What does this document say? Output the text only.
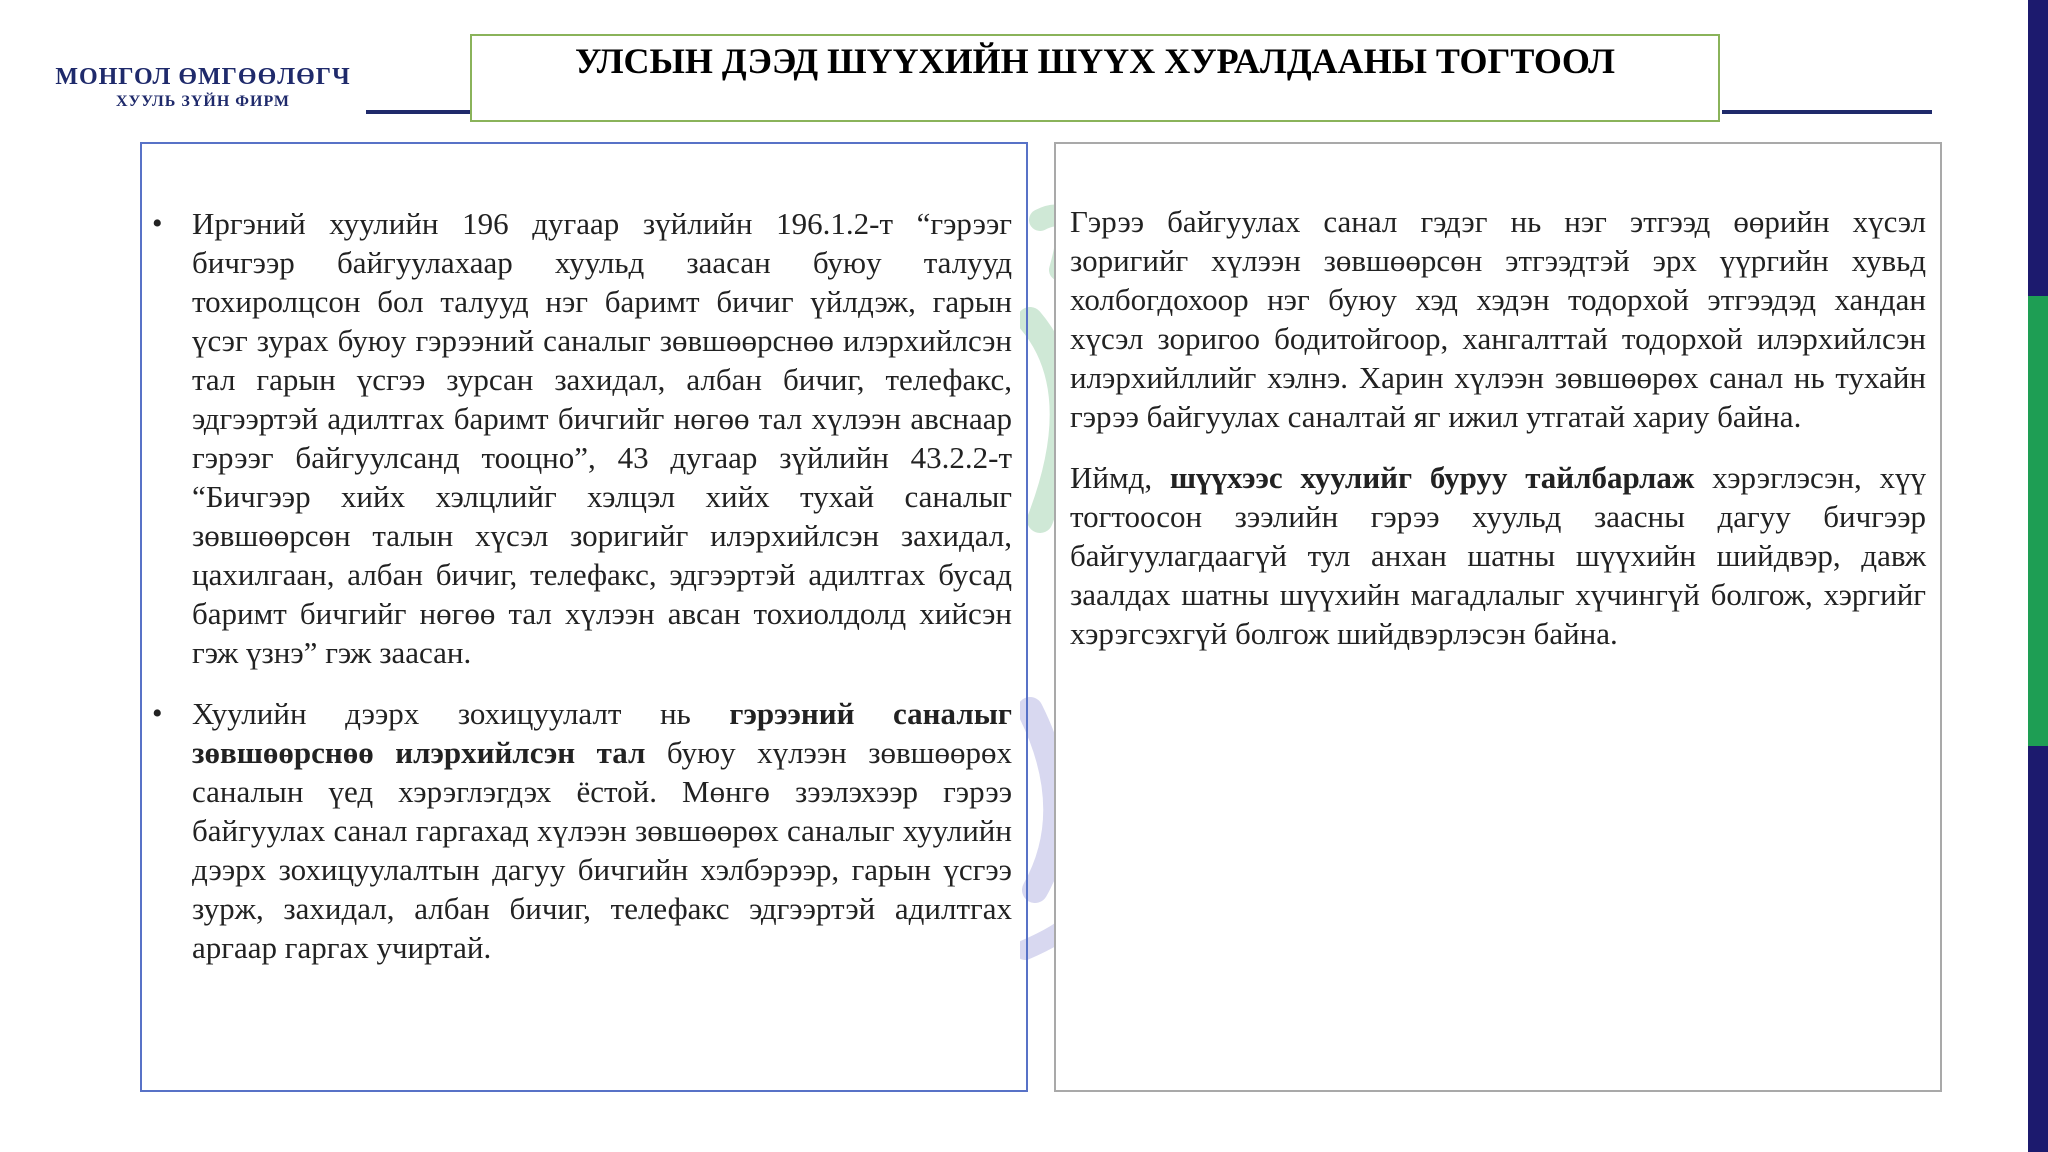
МОНГОЛ ӨМГӨӨЛӨГЧ
ХУУЛЬ ЗҮЙН ФИРМ
УЛСЫН ДЭЭД ШҮҮХИЙН ШҮҮХ ХУРАЛДААНЫ ТОГТООЛ
• Иргэний хуулийн 196 дугаар зүйлийн 196.1.2-т “гэрээг бичгээр байгуулахаар хуульд заасан буюу талууд тохиролцсон бол талууд нэг баримт бичиг үйлдэж, гарын үсэг зурах буюу гэрээний саналыг зөвшөөрснөө илэрхийлсэн тал гарын үсгээ зурсан захидал, албан бичиг, телефакс, эдгээртэй адилтгах баримт бичгийг нөгөө тал хүлээн авснаар гэрээг байгуулсанд тооцно”, 43 дугаар зүйлийн 43.2.2-т “Бичгээр хийх хэлцлийг хэлцэл хийх тухай саналыг зөвшөөрсөн талын хүсэл зоригийг илэрхийлсэн захидал, цахилгаан, албан бичиг, телефакс, эдгээртэй адилтгах бусад баримт бичгийг нөгөө тал хүлээн авсан тохиолдолд хийсэн гэж үзнэ” гэж заасан.

• Хуулийн дээрх зохицуулалт нь гэрээний саналыг зөвшөөрснөө илэрхийлсэн тал буюу хүлээн зөвшөөрөх саналын үед хэрэглэгдэх ёстой. Мөнгө зээлэхээр гэрээ байгуулах санал гаргахад хүлээн зөвшөөрөх саналыг хуулийн дээрх зохицуулалтын дагуу бичгийн хэлбэрээр, гарын үсгээ зурж, захидал, албан бичиг, телефакс эдгээртэй адилтгах аргаар гаргах учиртай.

Гэрээ байгуулах санал гэдэг нь нэг этгээд өөрийн хүсэл зоригийг хүлээн зөвшөөрсөн этгээдтэй эрх үүргийн хувьд холбогдохоор нэг буюу хэд хэдэн тодорхой этгээдэд хандан хүсэл зоригоо бодитойгоор, хангалттай тодорхой илэрхийлсэн илэрхийллийг хэлнэ. Харин хүлээн зөвшөөрөх санал нь тухайн гэрээ байгуулах саналтай яг ижил утгатай хариу байна.

Иймд, шүүхээс хуулийг буруу тайлбарлаж хэрэглэсэн, хүү тогтоосон зээлийн гэрээ хуульд заасны дагуу бичгээр байгуулагдаагүй тул анхан шатны шүүхийн шийдвэр, давж заалдах шатны шүүхийн магадлалыг хүчингүй болгож, хэргийг хэрэгсэхгүй болгож шийдвэрлэсэн байна.
